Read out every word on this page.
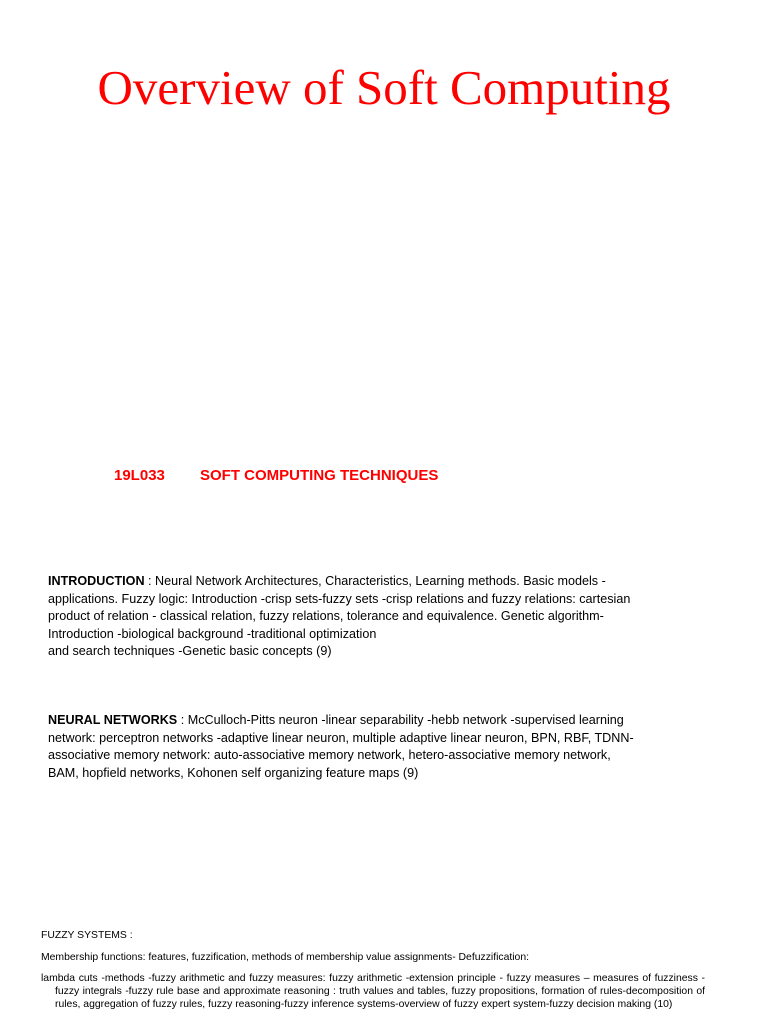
Overview of Soft Computing
19L033 SOFT COMPUTING TECHNIQUES
INTRODUCTION : Neural Network Architectures, Characteristics, Learning methods. Basic models -
applications. Fuzzy logic: Introduction -crisp sets-fuzzy sets -crisp relations and fuzzy relations: cartesian
product of relation - classical relation, fuzzy relations, tolerance and equivalence. Genetic algorithm-
Introduction -biological background -traditional optimization
and search techniques -Genetic basic concepts (9)
NEURAL NETWORKS : McCulloch-Pitts neuron -linear separability -hebb network -supervised learning
network: perceptron networks -adaptive linear neuron, multiple adaptive linear neuron, BPN, RBF, TDNN-
associative memory network: auto-associative memory network, hetero-associative memory network,
BAM, hopfield networks, Kohonen self organizing feature maps (9)
FUZZY SYSTEMS :
Membership functions: features, fuzzification, methods of membership value assignments- Defuzzification:
lambda cuts -methods -fuzzy arithmetic and fuzzy measures: fuzzy arithmetic -extension principle - fuzzy measures – measures of fuzziness -fuzzy integrals -fuzzy rule base and approximate reasoning : truth values and tables, fuzzy propositions, formation of rules-decomposition of rules, aggregation of fuzzy rules, fuzzy reasoning-fuzzy inference systems-overview of fuzzy expert system-fuzzy decision making (10)
